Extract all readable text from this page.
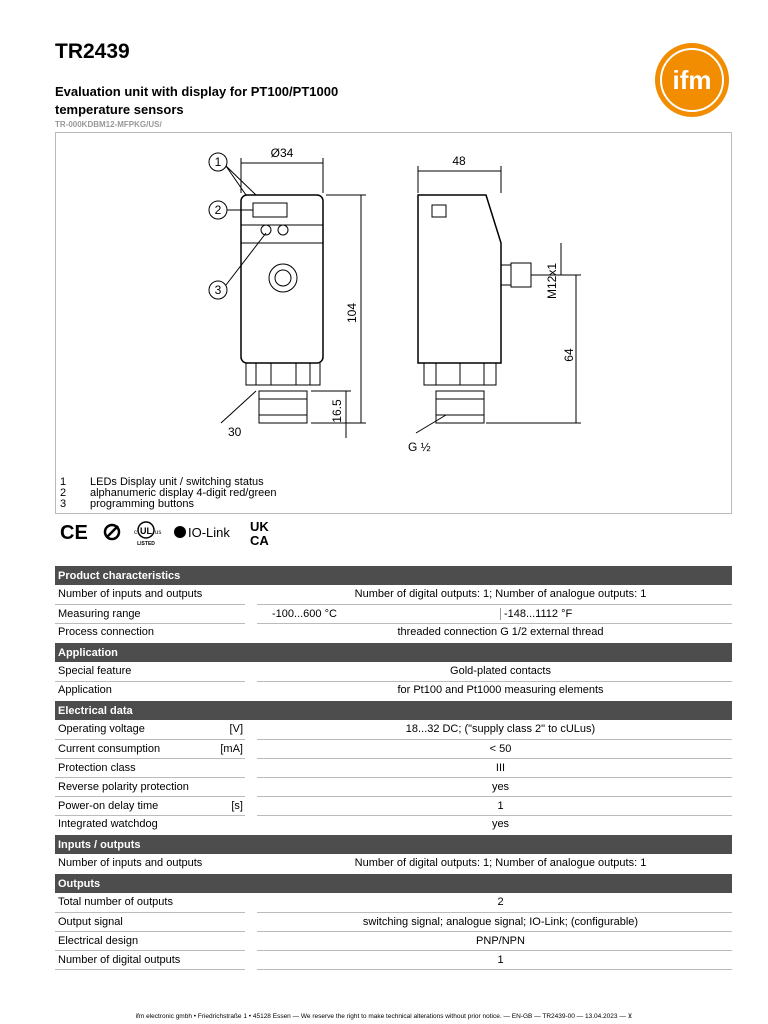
TR2439
Evaluation unit with display for PT100/PT1000 temperature sensors
TR-000KDBM12-MFPKG/US/
ifm
1
2
3
Ø34
48
104
16.5
30
M12x1
64
G ½
1	LEDs Display unit / switching status
2	alphanumeric display 4-digit red/green
3	programming buttons
CE	UL
c	us
LISTED
IO-Link UK
CA
Product characteristics		

Number of inputs and outputs		Number of digital outputs: 1; Number of analogue outputs: 1

Measuring range		-100...600 °C -148...1112 °F

Process connection		threaded connection G 1/2 external thread
Application		

Special feature		Gold-plated contacts

Application		for Pt100 and Pt1000 measuring elements
Electrical data		

Operating voltage [V]		18...32 DC; ("supply class 2" to cULus)

Current consumption [mA]		< 50

Protection class		III

Reverse polarity protection		yes

Power-on delay time [s]		1

Integrated watchdog		yes
Inputs / outputs		

Number of inputs and outputs		Number of digital outputs: 1; Number of analogue outputs: 1
Outputs		

Total number of outputs		2

Output signal		switching signal; analogue signal; IO-Link; (configurable)

Electrical design		PNP/NPN

Number of digital outputs		1
ifm electronic gmbh • Friedrichstraße 1 • 45128 Essen — We reserve the right to make technical alterations without prior notice. — EN-GB — TR2439-00 — 13.04.2023 — ⊻
